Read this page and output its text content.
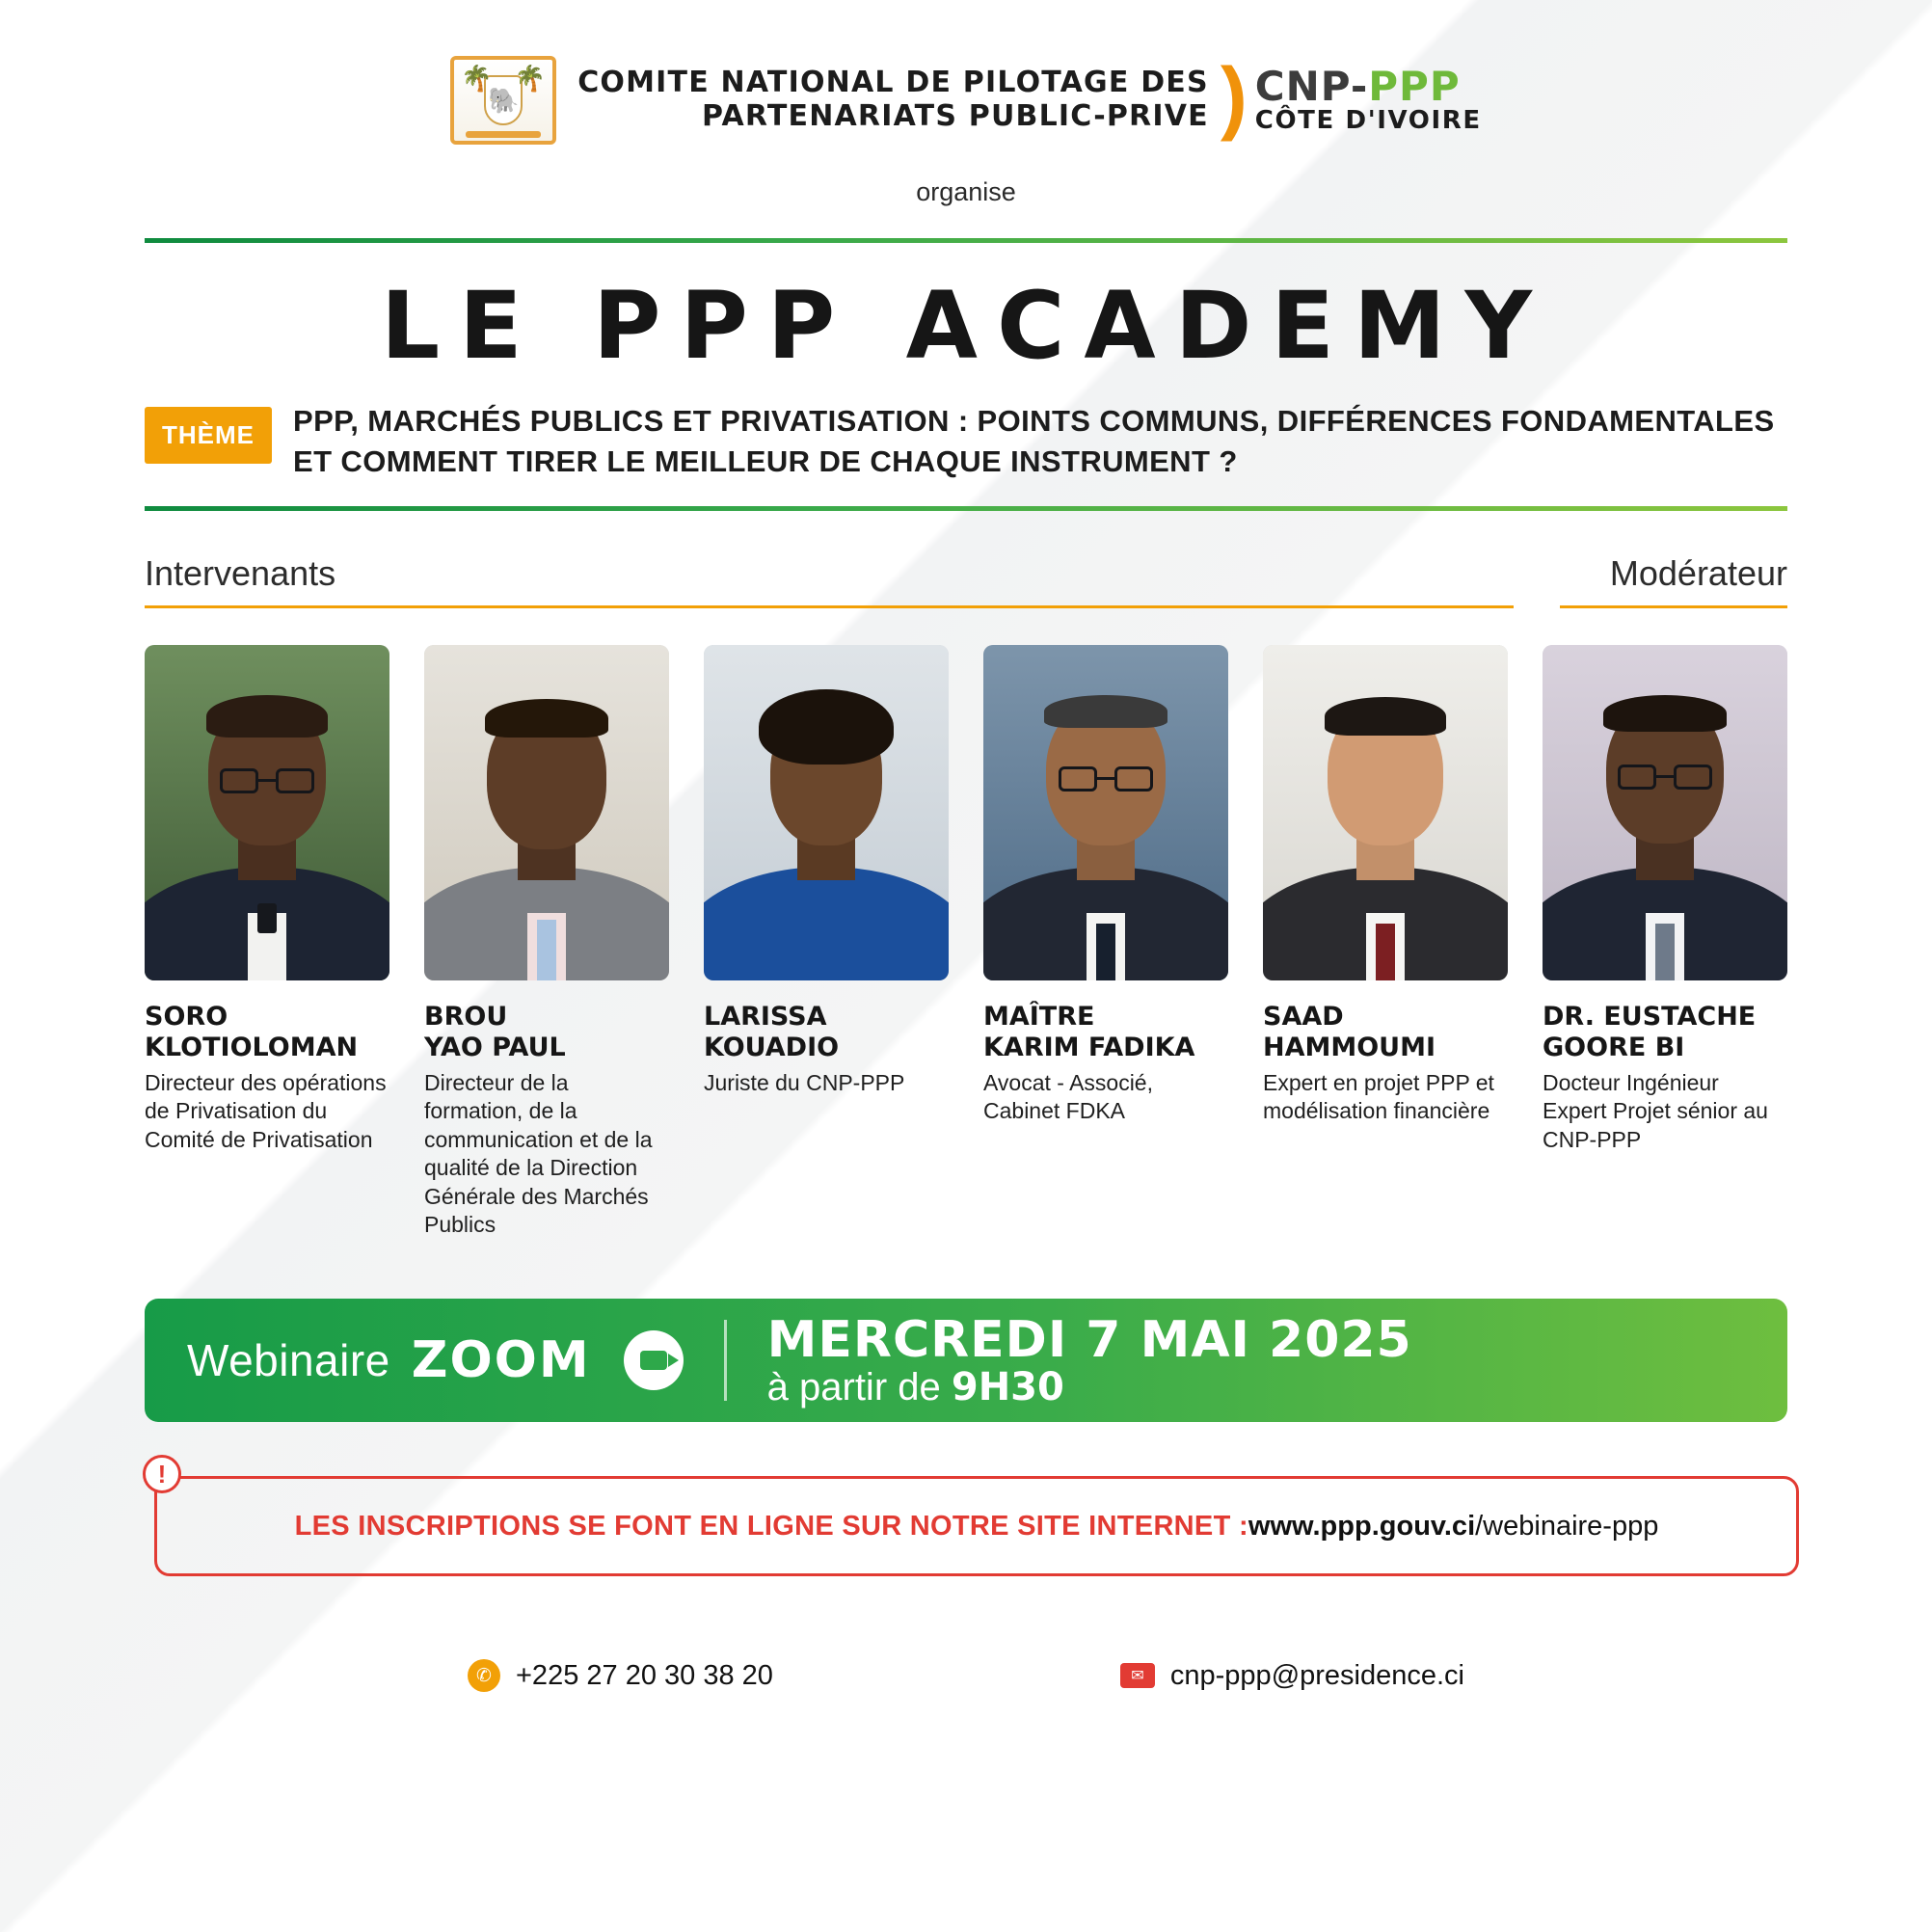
🌴 🌴
🐘
COMITE NATIONAL DE PILOTAGE DES
PARTENARIATS PUBLIC-PRIVE ) CNP-PPP
CÔTE D'IVOIRE
organise
LE PPP ACADEMY
THÈME	PPP, MARCHÉS PUBLICS ET PRIVATISATION : POINTS COMMUNS, DIFFÉRENCES FONDAMENTALES ET COMMENT TIRER LE MEILLEUR DE CHAQUE INSTRUMENT ?
Intervenants	Modérateur
SORO
KLOTIOLOMAN
Directeur des opérations de Privatisation du Comité de Privatisation
BROU
YAO PAUL
Directeur de la formation, de la communication et de la qualité de la Direction Générale des Marchés Publics
LARISSA
KOUADIO
Juriste du CNP-PPP
MAÎTRE
KARIM FADIKA
Avocat - Associé, Cabinet FDKA
SAAD
HAMMOUMI
Expert en projet PPP et modélisation financière
DR. EUSTACHE
GOORE BI
Docteur Ingénieur Expert Projet sénior au CNP-PPP
Webinaire ZOOM	MERCREDI 7 MAI 2025
à partir de 9H30
!
LES INSCRIPTIONS SE FONT EN LIGNE SUR NOTRE SITE INTERNET : www.ppp.gouv.ci/webinaire-ppp
✆ +225 27 20 30 38 20	✉ cnp-ppp@presidence.ci
